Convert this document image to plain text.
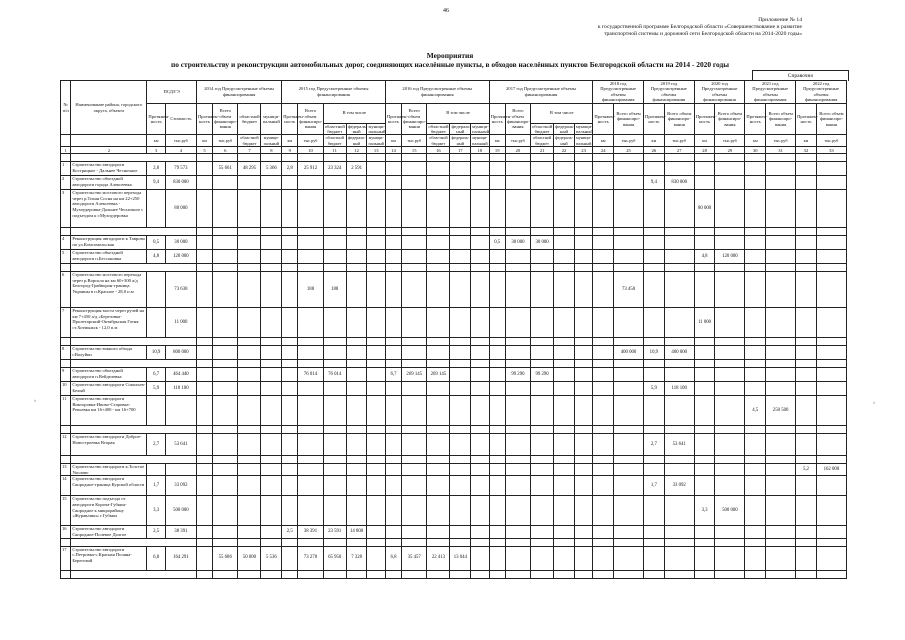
46
Приложение № 14
к государственной программе Белгородской области «Совершенствование и развитие
транспортной системы и дорожной сети Белгородской области на 2014-2020 годы»
Мероприятия
по строительству и реконструкции автомобильных дорог, соединяющих населённые пункты, в обходов населённых пунктов Белгородской области на 2014 - 2020 годы
Справочно
№ п/п	Наименование района, городского округа, объекта	ПСД/ГЭ		2014 год Предусмотренные объемы финансирования				2015 год Предусмотренные объемы финансирования					2016 год Предусмотренные объемы финансирования					2017 год Предусмотренные объемы финансирования					2018 год Предусмотренные объемы финансирования		2019 год Предусмотренные объемы финансирования		2020 год Предусмотренные объемы финансирования		2021 год Предусмотренные объемы финансирования		2022 год Предусмотренные объемы финансирования	
		Протяжен-ность	Стоимость	Протяжен-ность	Всего объем финансиро-вания	областной бюджет	муници-пальный	Протяжен-ность	Всего объем финансиро-вания	В том числе			Протяжен-ность	Всего объем финансиро-вания	В том числе			Протяжен-ность	Всего объем финансиро-вания	В том числе			Протяжен-ность	Всего объем финансиро-вания	Протяжен-ность	Всего объем финансиро-вания	Протяжен-ность	Всего объем финансиро-вания	Протяжен-ность	Всего объем финансиро-вания	Протяжен-ность	Всего объем финансиро-вания
										областной бюджет	федераль-ный	муници-пальный			областной бюджет	федераль-ный	муници-пальный			областной бюджет	федераль-ный	муници-пальный										
		км	тыс.руб	км	тыс.руб	областной бюджет	муници-пальный	км	тыс.руб	областной бюджет	федераль-ный	муници-пальный	км	тыс.руб	областной бюджет	федераль-ный	муници-пальный	км	тыс.руб	областной бюджет	федераль-ный	муници-пальный	км	тыс.руб	км	тыс.руб	км	тыс.руб	км	тыс.руб	км	тыс.руб
1	2	3	4	5	6	7	8	9	10	11	12	13	14	15	16	17	18	19	20	21	22	23	24	25	26	27	28	29	30	31	32	33

1	Строительство автодороги Кострицкое - Дальнее Чесночное	2,8	79 573		55 661	48 295	5 366	2,8	25 912	23 324	2 591																					
2	Строительство объездной автодороги города Алексеевка	9,4	830 000																						9,4	830 000						
3	Строительство мостового перехода через р.Тихая Сосна на км 22+250 автодороги Алексеевка - Мухоудеровка-Дальнее Чесночное с подъездом к г.Мухоудеровка		80 000																								80 000					

4	Реконструкция автодороги к Таврово по ул.Комсомольская	0,5	30 000															0,5	30 000	30 000												
5	Строительство объездной автодороги п.Бессоновка	4,8	120 000																								4,8	120 000				

6	Строительство мостового перехода через р.Ворскла на км 60+300 а/д Белгород-Грайворон-граница Украины в п.Красное - 28,0 п.м		73 638						188	188														73 450								
7	Реконструкция моста через ручей на км 7+450 а/д «Березовка-Пролетарский-Октябрьская Готня ст.Хотмыжск - 12,0 п.м		11 000																								11 000					

8	Строительство южного обхода г.Валуйки	10,9	800 000																					400 000	10,9	400 000						

9	Строительство объездной автодороги п.Вейделевка	6,7	464 440						76 014	76 014			6,7	269 145	269 145				99 290	99 290												
10	Строительство автодороги Сокольев-Белый	5,9	118 100																						5,9	118 100						
11	Строительство автодороги Викторовка-Ивово-Старовка-Репьевка км 16+400 - км 16+700																												4,5	250 500		

12	Строительство автодороги Доброе-Новостроевка Вторая	2,7	53 641																						2,7	53 641						

13	Строительство автодороги к.Толстое Уколово																														5,2	162 000
14	Строительство автодороги Скородное-граница Курской области	1,7	33 092																						1,7	33 092						
15	Строительство подъезда от автодороги Короча-Губкин-Скородное к микрорайону «Журавлики» г.Губкин	3,3	500 000																								3,3	500 000				
16	Строительство автодороги Скородное-Полевое Долгое	2,5	38 391					2,5	38 391	23 591	14 800																					

17	Строительство автодороги с.Петровка-с.Красная Поляна-Береговой	6,8	164 291		55 686	50 000	5 536		73 278	65 950	7 328		6,8	35 457	22 413	13 044																

›	›
